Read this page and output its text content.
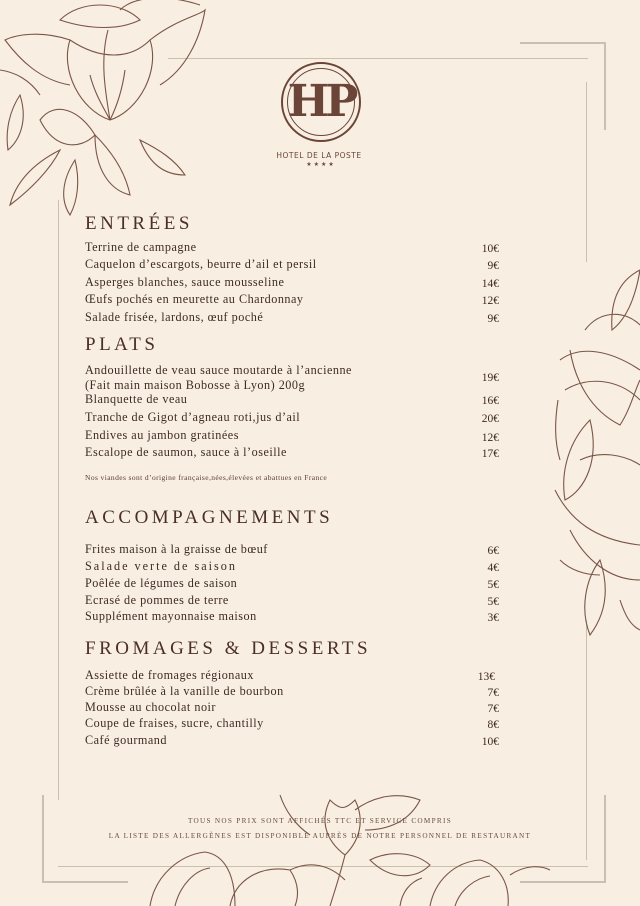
HP
HOTEL DE LA POSTE
★★★★
ENTRÉES
Terrine de campagne	10€
Caquelon d’escargots, beurre d’ail et persil	9€
Asperges blanches, sauce mousseline	14€
Œufs pochés en meurette au Chardonnay	12€
Salade frisée, lardons, œuf poché	9€
PLATS
Andouillette de veau sauce moutarde à l’ancienne
(Fait main maison Bobosse à Lyon) 200g	19€
Blanquette de veau	16€
Tranche de Gigot d’agneau roti,jus d’ail	20€
Endives au jambon gratinées	12€
Escalope de saumon, sauce à l’oseille	17€
Nos viandes sont d’origine française,nées,élevées et abattues en France
ACCOMPAGNEMENTS
Frites maison à la graisse de bœuf	6€
Salade verte de saison	4€
Poêlée de légumes de saison	5€
Ecrasé de pommes de terre	5€
Supplément mayonnaise maison	3€
FROMAGES & DESSERTS
Assiette de fromages régionaux	13€
Crème brûlée à la vanille de bourbon	7€
Mousse au chocolat noir	7€
Coupe de fraises, sucre, chantilly	8€
Café gourmand	10€
TOUS NOS PRIX SONT AFFICHÉS TTC ET SERVICE COMPRIS
LA LISTE DES ALLERGÈNES EST DISPONIBLE AUPRÈS DE NOTRE PERSONNEL DE RESTAURANT
